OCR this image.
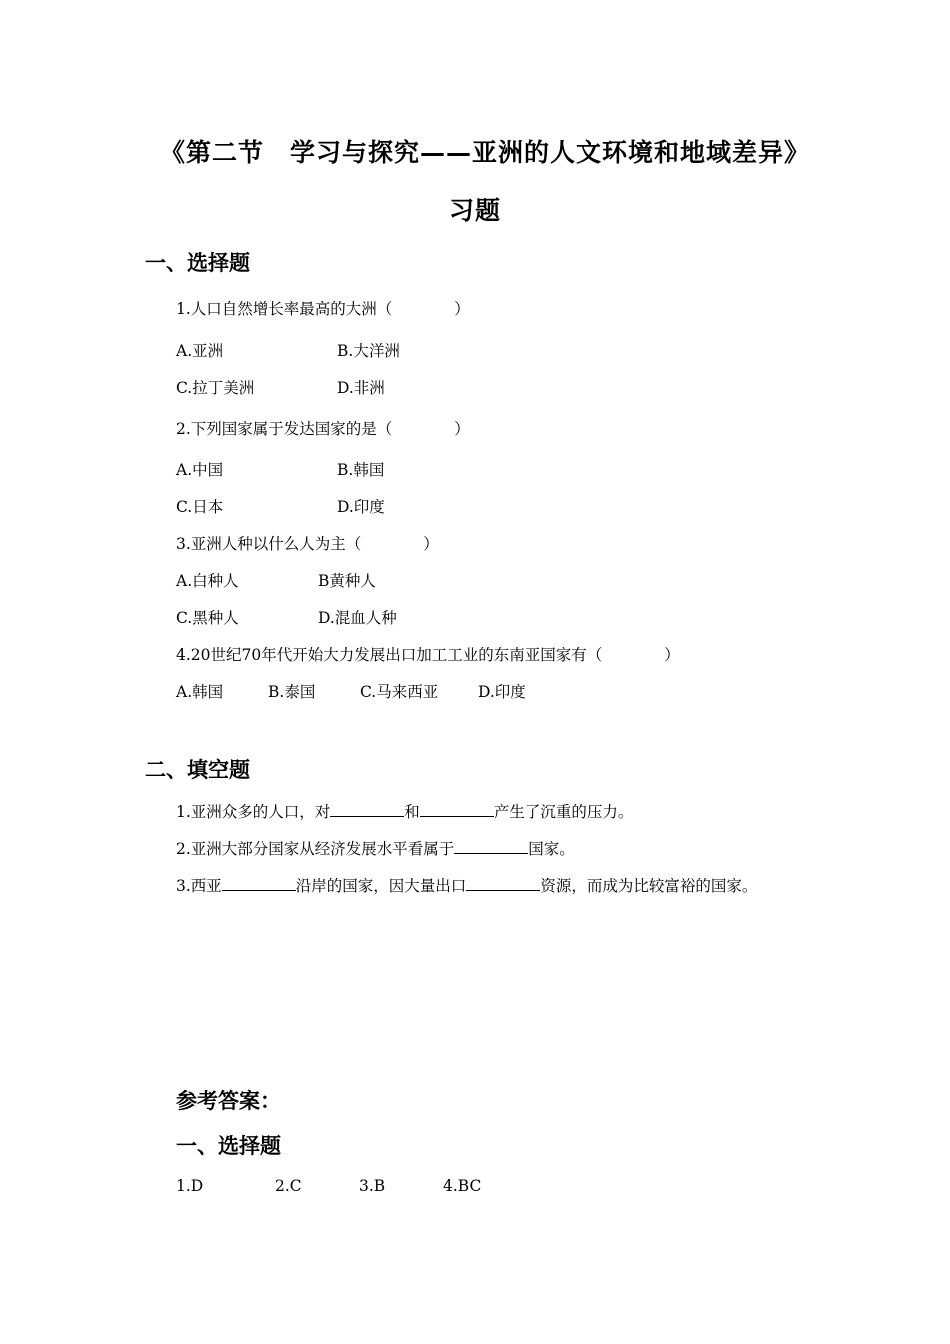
《第二节　学习与探究——亚洲的人文环境和地域差异》
习题
一、选择题
1.人口自然增长率最高的大洲（　　　　）
A.亚洲	B.大洋洲
C.拉丁美洲	D.非洲
2.下列国家属于发达国家的是（　　　　）
A.中国	B.韩国
C.日本	D.印度
3.亚洲人种以什么人为主（　　　　）
A.白种人	B黄种人
C.黑种人	D.混血人种
4.20世纪70年代开始大力发展出口加工工业的东南亚国家有（　　　　）
A.韩国	B.泰国	C.马来西亚	D.印度
二、填空题
1.亚洲众多的人口，对	和	产生了沉重的压力。
2.亚洲大部分国家从经济发展水平看属于	国家。
3.西亚	沿岸的国家，因大量出口	资源，而成为比较富裕的国家。
参考答案：
一、选择题
1.D	2.C	3.B	4.BC
